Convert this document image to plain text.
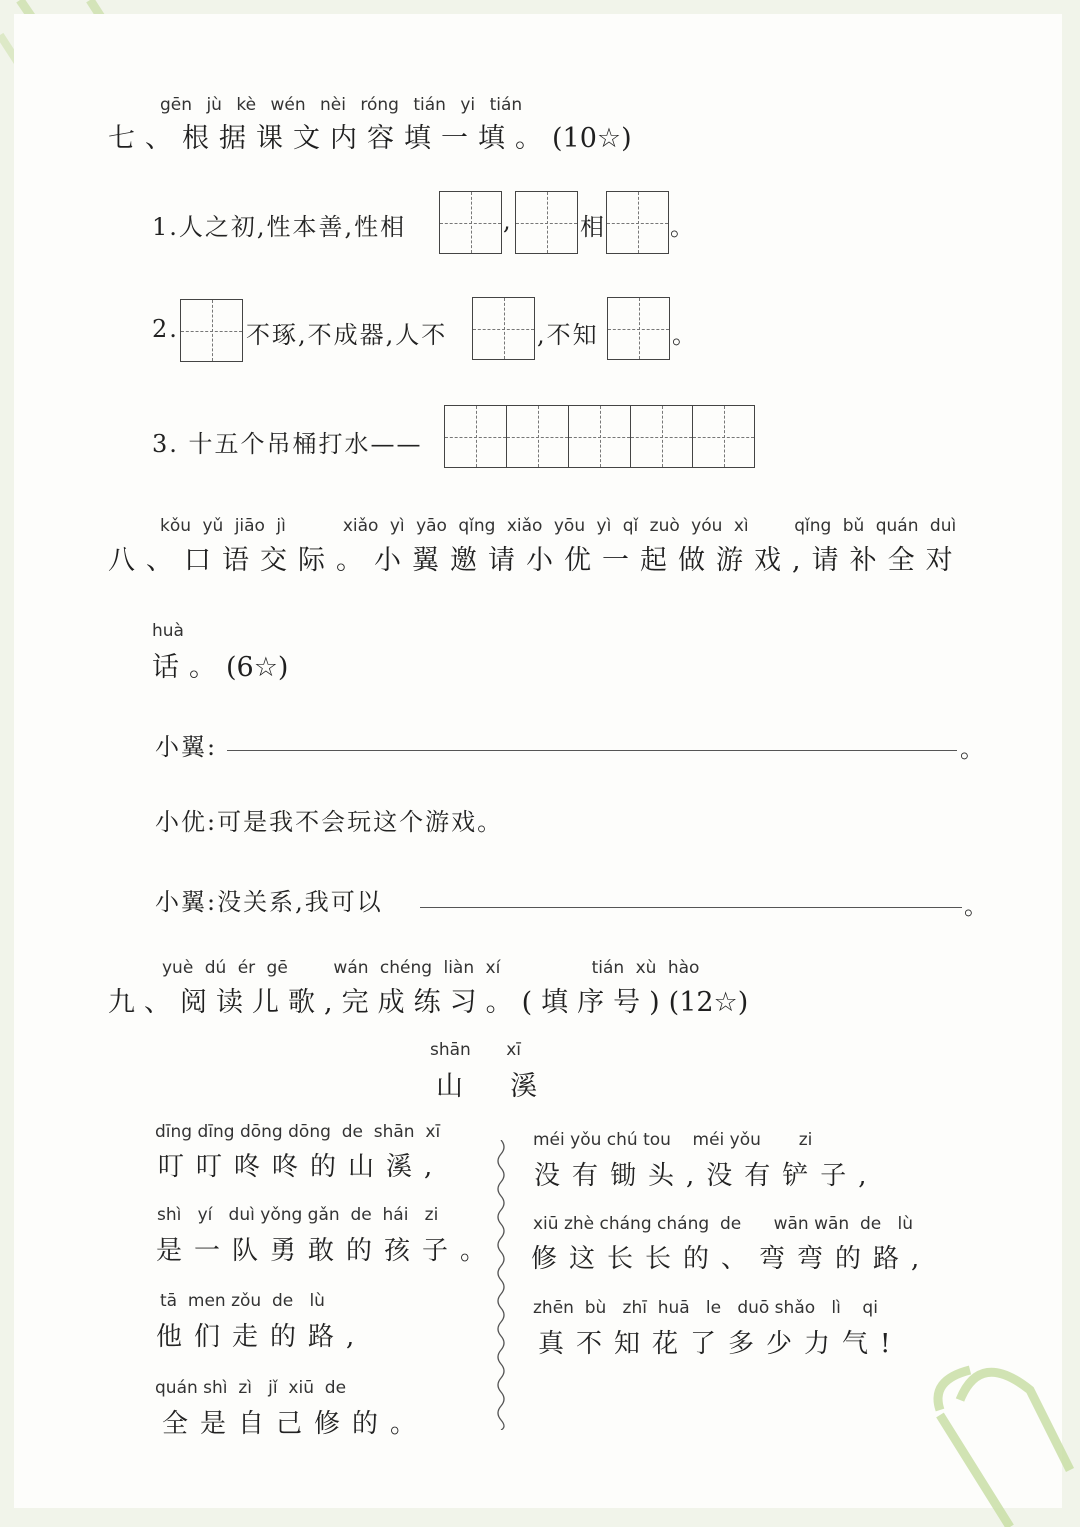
gēn jù kè wén nèi róng tián yi tián
七、根据课文内容填一填。(10☆)
1.人之初,性本善,性相	,	相	。
2.	不琢,不成器,人不	,不知	。
3. 十五个吊桶打水——
kǒu yǔ jiāo jì	xiǎo yì yāo qǐng xiǎo yōu yì qǐ zuò yóu xì	qǐng bǔ quán duì
八、口语交际。小翼邀请小优一起做游戏,请补全对
huà
话。(6☆)
小翼:	。
小优:可是我不会玩这个游戏。
小翼:没关系,我可以	。
yuè dú ér gē	wán chéng liàn xí	tián xù hào
九、阅读儿歌,完成练习。(填序号)(12☆)
shān xī
山  溪
dīng dīng dōng dōng  de  shān  xī
叮叮咚咚的山溪,
shì   yí   duì yǒng gǎn  de  hái   zi
是一队勇敢的孩子。
tā  men zǒu  de   lù
他们走的路,
quán shì  zì   jǐ  xiū  de
全是自己修的。
méi yǒu chú tou    méi yǒu       zi
没有锄头,没有铲子,
xiū zhè cháng cháng  de      wān wān  de   lù
修这长长的、弯弯的路,
zhēn  bù   zhī  huā   le   duō shǎo   lì    qi
真不知花了多少力气!
